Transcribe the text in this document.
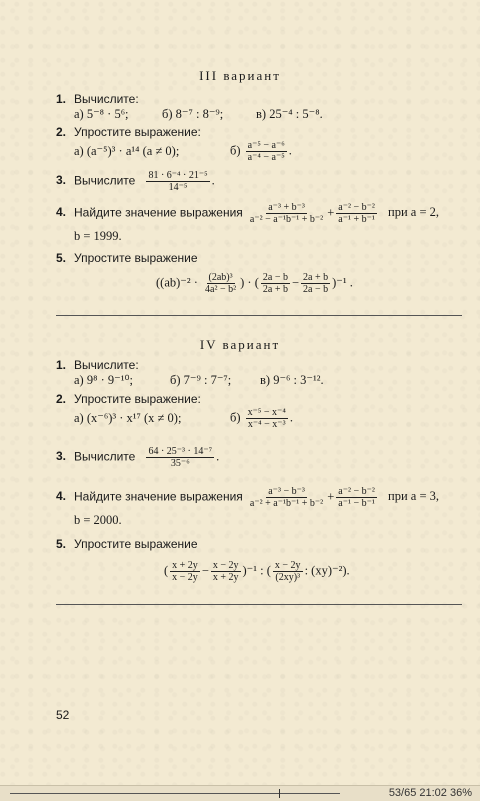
III вариант
1. Вычислите:
а) 5⁻⁸ · 5⁶;	б) 8⁻⁷ : 8⁻⁹;	в) 25⁻⁴ : 5⁻⁸.
2. Упростите выражение:
а) (a⁻⁵)³ · a¹⁴ (a ≠ 0);	$б) \frac{\text{a⁻⁵ − a⁻⁶}}{\text{a⁻⁴ − a⁻⁵}}$ .
3. Вычислите $\frac{\text{81 · 6⁻⁴ · 21⁻⁵}}{\text{14⁻⁵}}$ .
4. Найдите значение выражения $\frac{\text{a⁻³ + b⁻³}}{\text{a⁻² − a⁻¹b⁻¹ + b⁻²}} + \frac{\text{a⁻² − b⁻²}}{\text{a⁻¹ + b⁻¹}}$ при a = 2,
b = 1999.
5. Упростите выражение
($(ab)^{-2} \cdot \frac{\text{(2ab)³}}{\text{4a² − b²}}$ ) · ( $\frac{2a - b}{2a + b} - \frac{2a + b}{2a - b} )^{-1}$ .
IV вариант
1. Вычислите:
а) 9⁸ · 9⁻¹⁰;	б) 7⁻⁹ : 7⁻⁷; в) 9⁻⁶ : 3⁻¹².
2. Упростите выражение:
а) (x⁻⁶)³ · x¹⁷ (x ≠ 0);	$б) \frac{\text{x⁻⁵ − x⁻⁴}}{\text{x⁻⁴ − x⁻³}}$ .
3. Вычислите $\frac{\text{64 · 25⁻³ · 14⁻⁷}}{\text{35⁻⁶}}$ .
4. Найдите значение выражения $\frac{\text{a⁻³ − b⁻³}}{\text{a⁻² + a⁻¹b⁻¹ + b⁻²}} + \frac{\text{a⁻² − b⁻²}}{\text{a⁻¹ − b⁻¹}}$ при a = 3,
b = 2000.
5. Упростите выражение
( $\frac{x + 2y}{x - 2y} - \frac{x - 2y}{x + 2y} )^{-1}$ : ( $\frac{x - 2y}{\text{(2xy)³}}$ : (xy)⁻²).
52
53/65 21:02 36%
